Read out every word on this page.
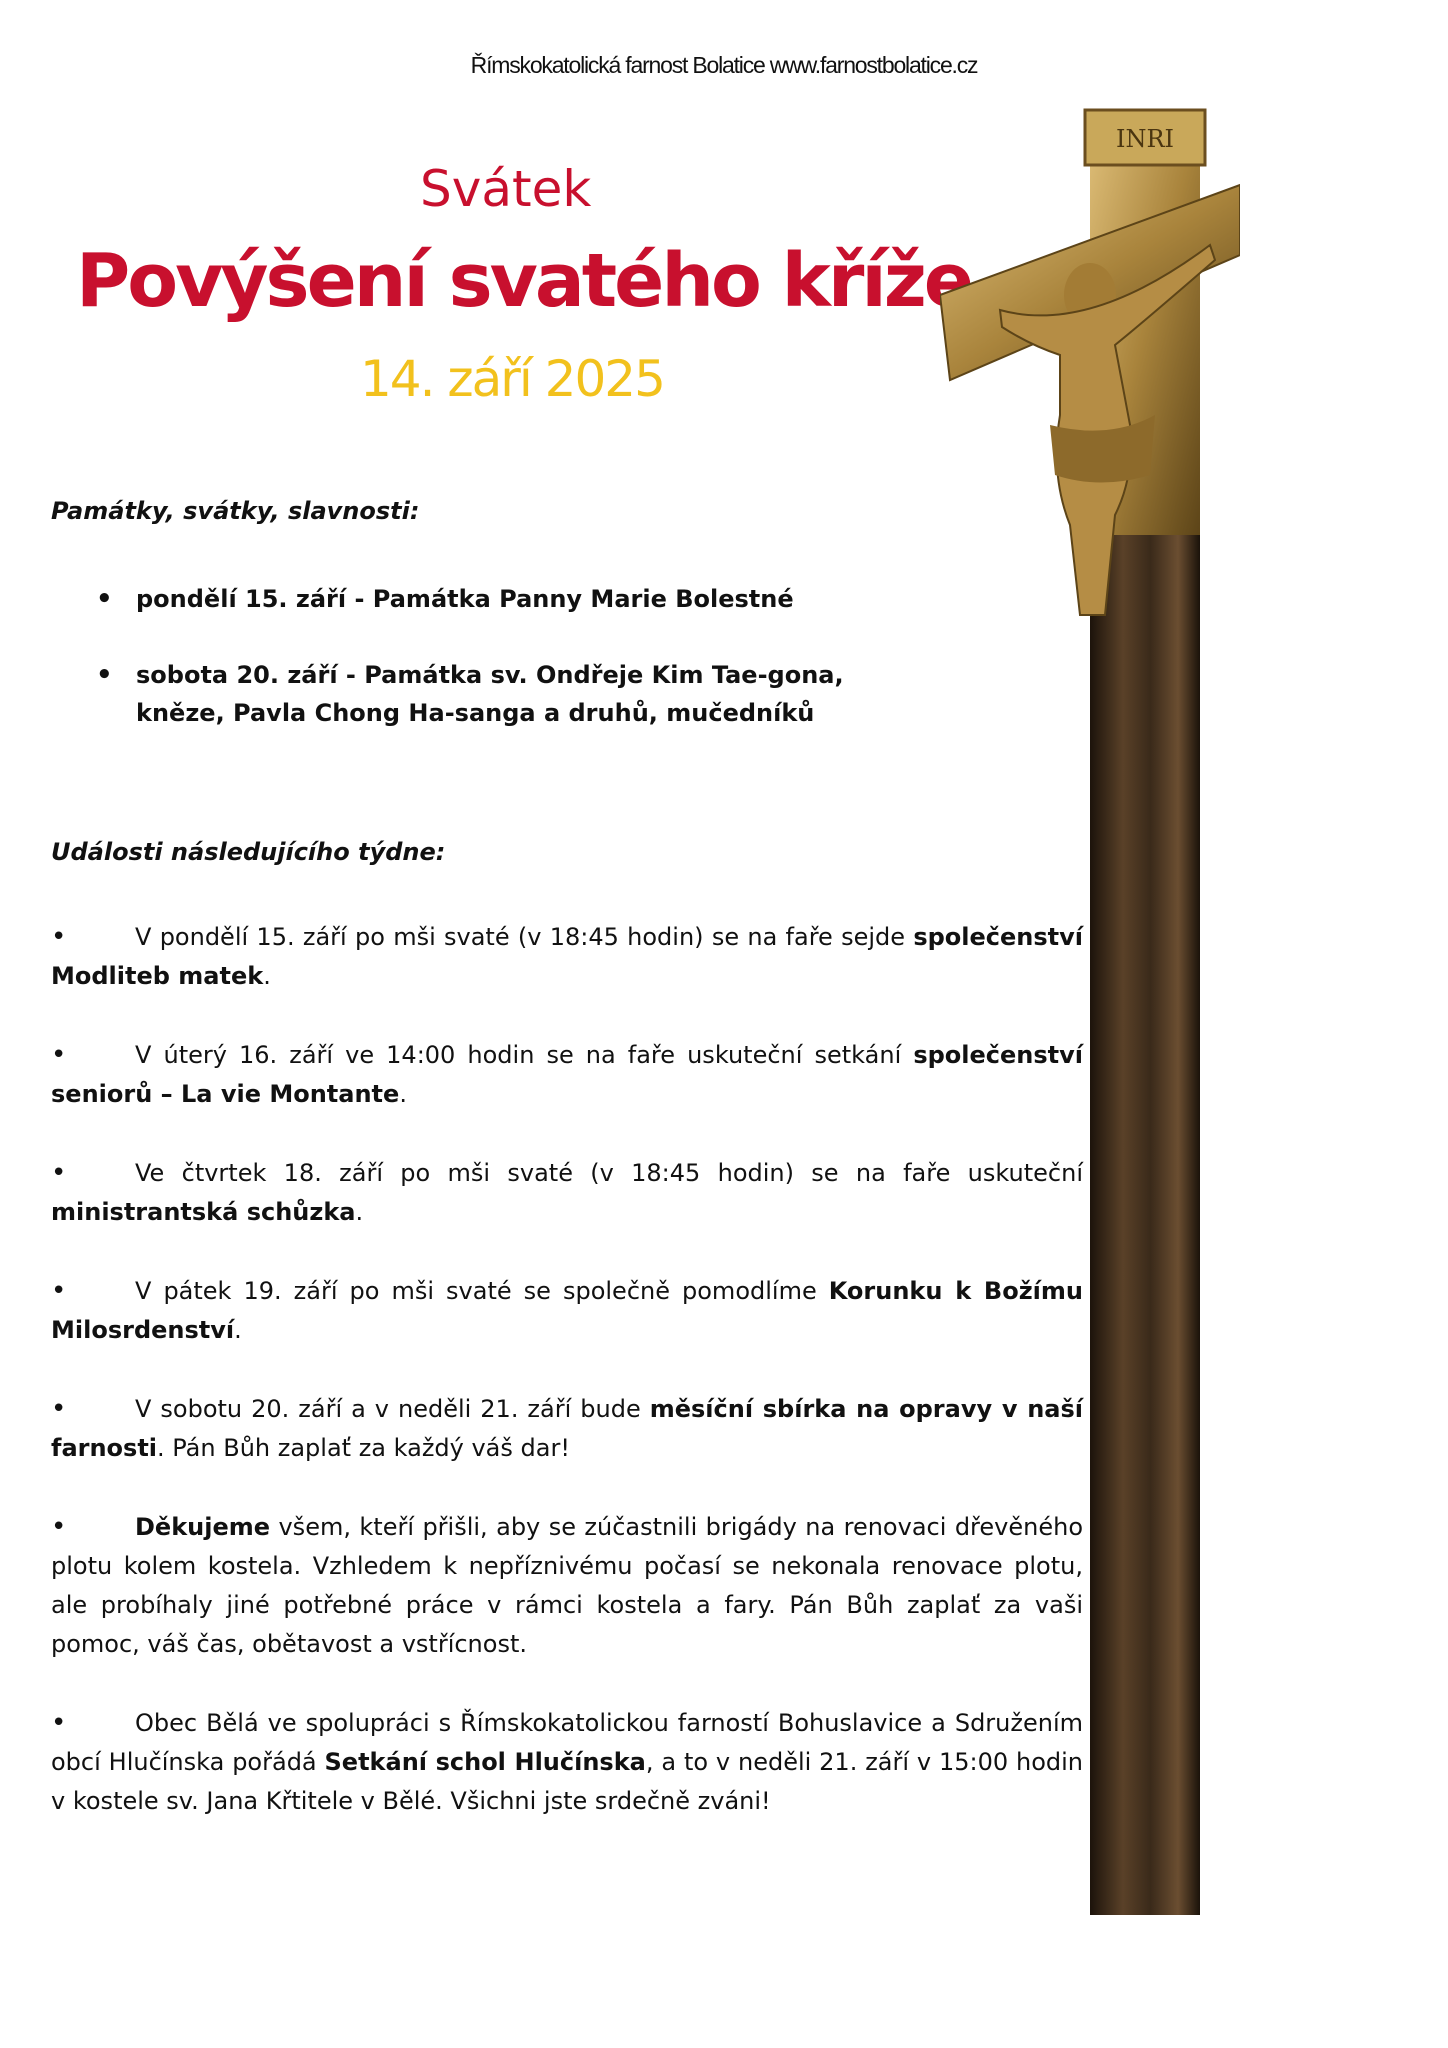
Římskokatolická farnost Bolatice www.farnostbolatice.cz
Svátek
Povýšení svatého kříže
14. září 2025
INRI
Památky, svátky, slavnosti:
• pondělí 15. září - Památka Panny Marie Bolestné
• sobota 20. září - Památka sv. Ondřeje Kim Tae-gona,
kněze, Pavla Chong Ha-sanga a druhů, mučedníků
Události následujícího týdne:
•	V pondělí 15. září po mši svaté (v 18:45 hodin) se na faře sejde společenství Modliteb matek.
•	V úterý 16. září ve 14:00 hodin se na faře uskuteční setkání společenství seniorů – La vie Montante.
•	Ve čtvrtek 18. září po mši svaté (v 18:45 hodin) se na faře uskuteční ministrantská schůzka.
•	V pátek 19. září po mši svaté se společně pomodlíme Korunku k Božímu Milosrdenství.
•	V sobotu 20. září a v neděli 21. září bude měsíční sbírka na opravy v naší farnosti. Pán Bůh zaplať za každý váš dar!
•	Děkujeme všem, kteří přišli, aby se zúčastnili brigády na renovaci dřevěného plotu kolem kostela. Vzhledem k nepříznivému počasí se nekonala renovace plotu, ale probíhaly jiné potřebné práce v rámci kostela a fary. Pán Bůh zaplať za vaši pomoc, váš čas, obětavost a vstřícnost.
•	Obec Bělá ve spolupráci s Římskokatolickou farností Bohuslavice a Sdružením obcí Hlučínska pořádá Setkání schol Hlučínska, a to v neděli 21. září v 15:00 hodin v kostele sv. Jana Křtitele v Bělé. Všichni jste srdečně zváni!
